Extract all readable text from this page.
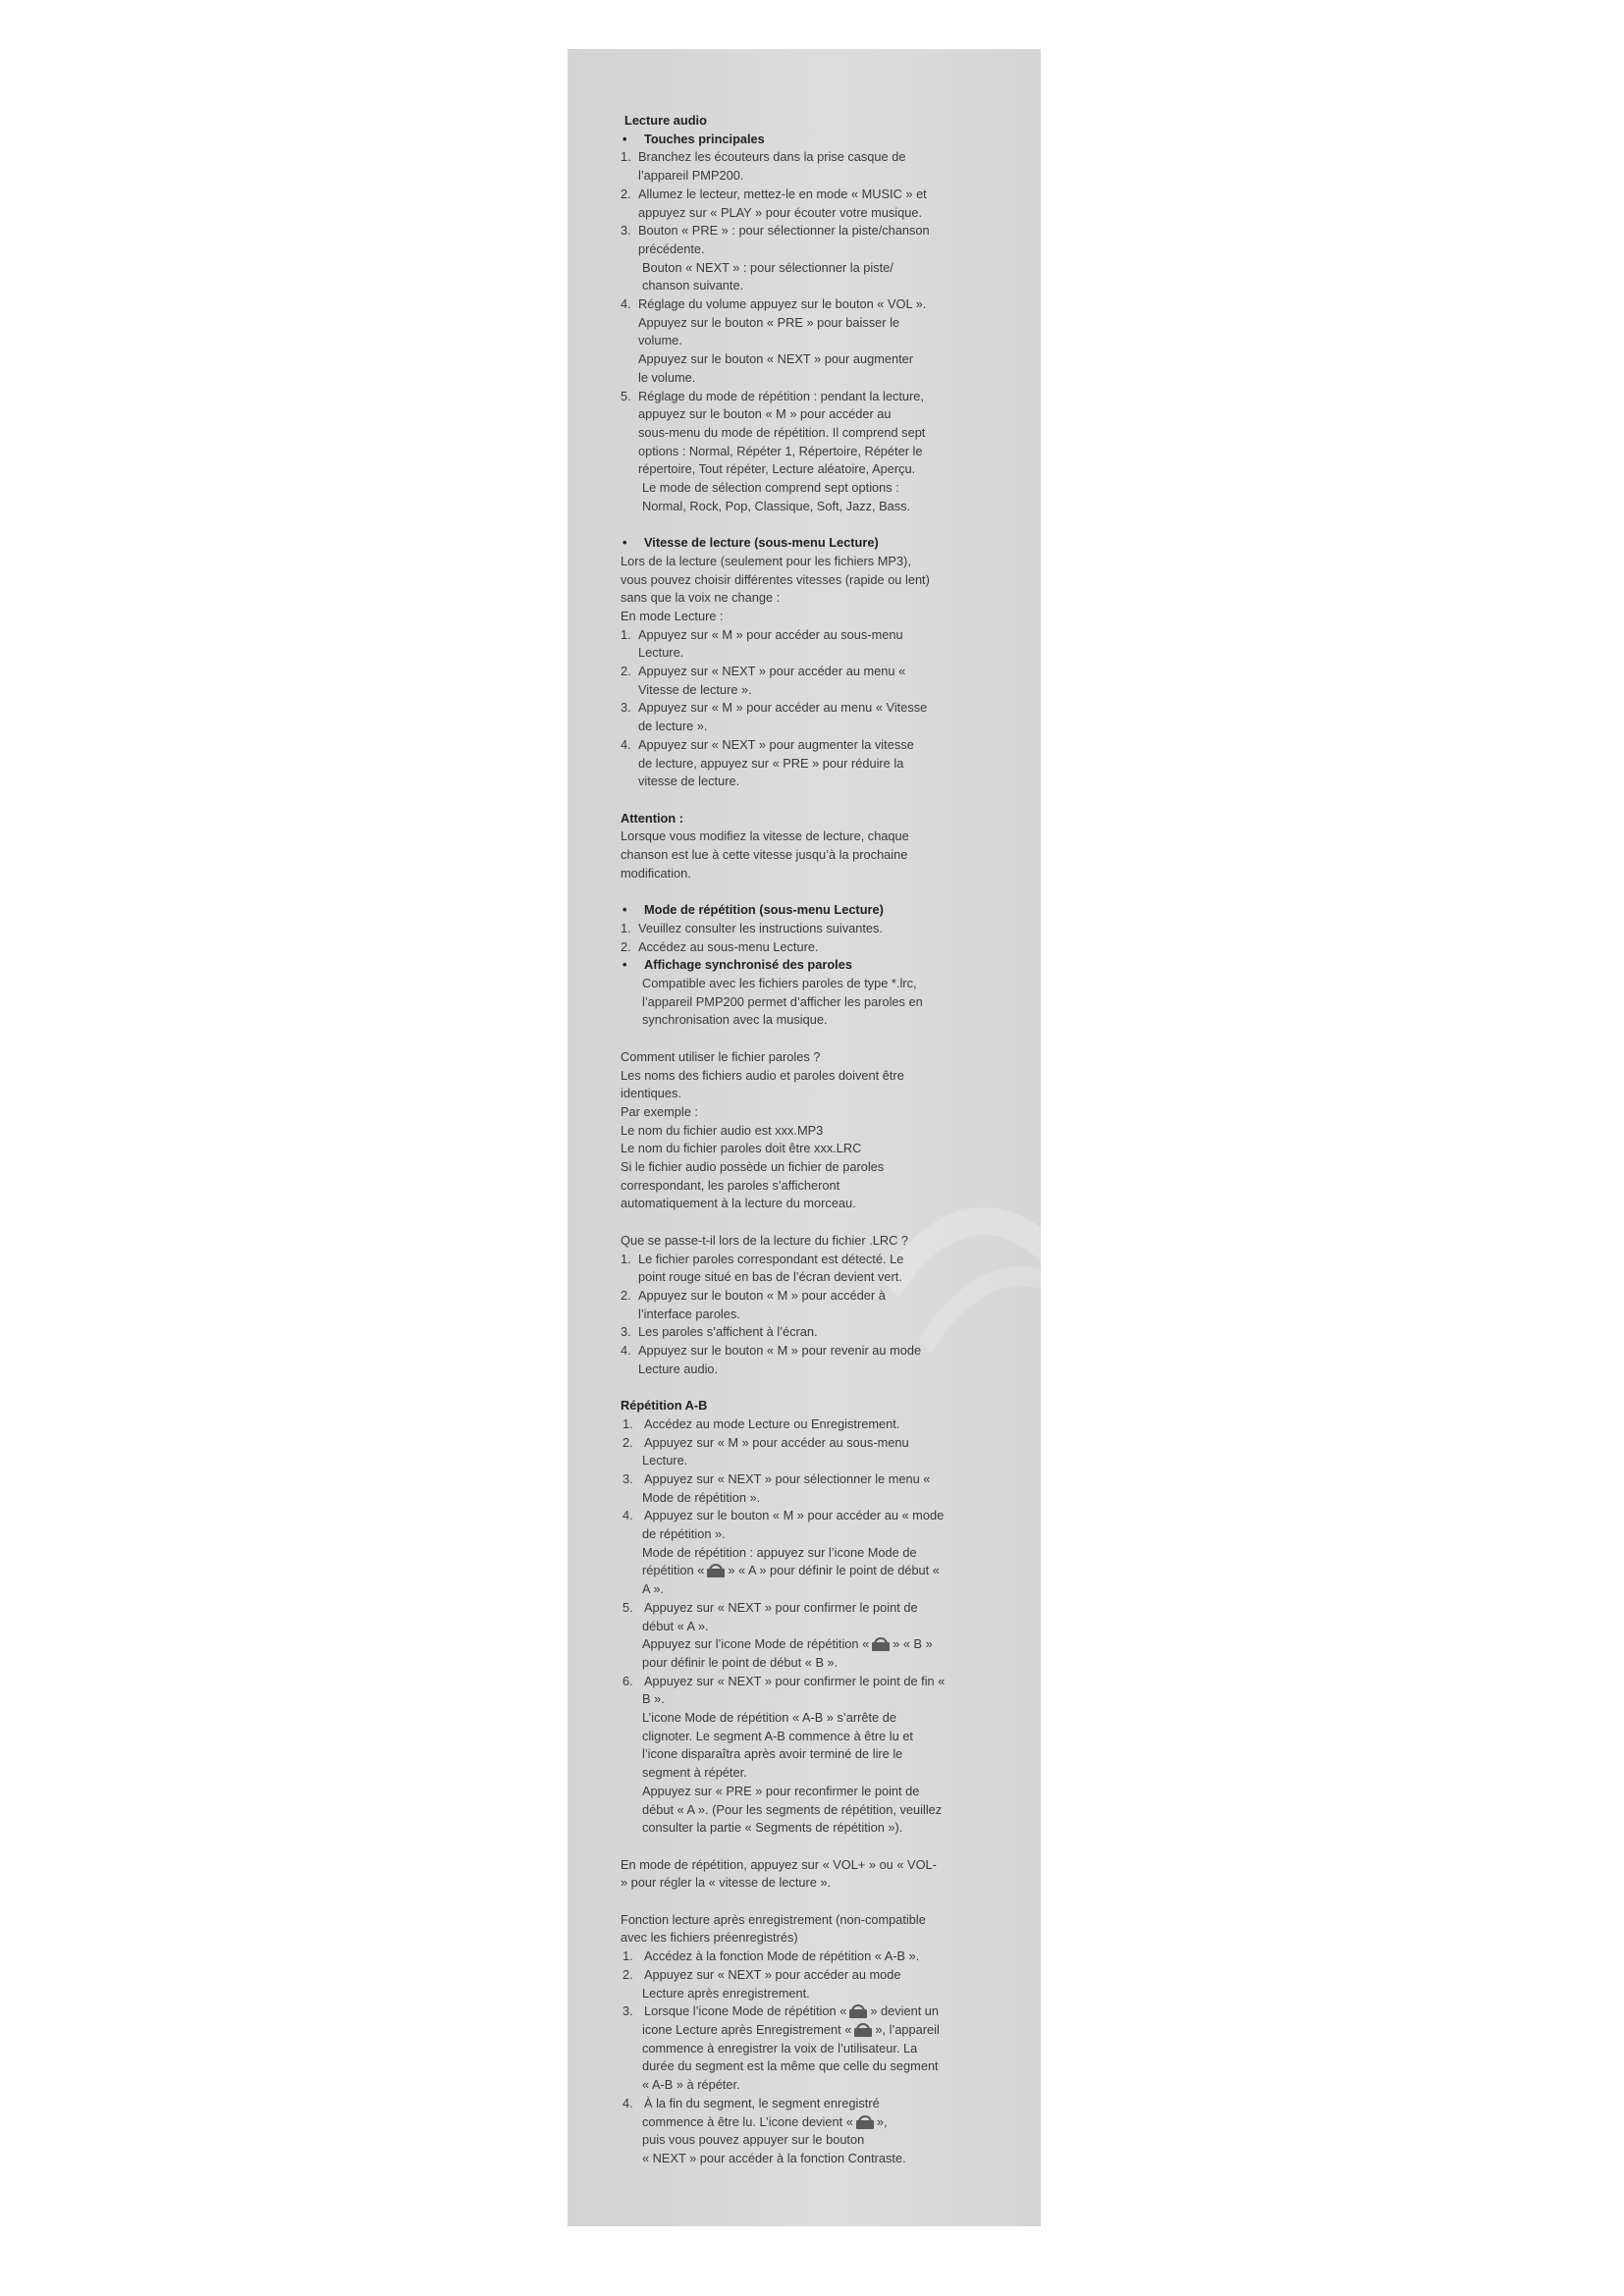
Lecture audio

• Touches principales

1. Branchez les écouteurs dans la prise casque de

l’appareil PMP200.

2. Allumez le lecteur, mettez-le en mode « MUSIC » et

appuyez sur « PLAY » pour écouter votre musique.

3. Bouton « PRE » : pour sélectionner la piste/chanson

précédente.

Bouton « NEXT » : pour sélectionner la piste/

chanson suivante.

4. Réglage du volume appuyez sur le bouton « VOL ».

Appuyez sur le bouton « PRE » pour baisser le

volume.

Appuyez sur le bouton « NEXT » pour augmenter

le volume.

5. Réglage du mode de répétition : pendant la lecture,

appuyez sur le bouton « M » pour accéder au

sous-menu du mode de répétition. Il comprend sept

options : Normal, Répéter 1, Répertoire, Répéter le

répertoire, Tout répéter, Lecture aléatoire, Aperçu.

Le mode de sélection comprend sept options :

Normal, Rock, Pop, Classique, Soft, Jazz, Bass.

• Vitesse de lecture (sous-menu Lecture)

Lors de la lecture (seulement pour les fichiers MP3),

vous pouvez choisir différentes vitesses (rapide ou lent)

sans que la voix ne change :

En mode Lecture :

1. Appuyez sur « M » pour accéder au sous-menu

Lecture.

2. Appuyez sur « NEXT » pour accéder au menu «

Vitesse de lecture ».

3. Appuyez sur « M » pour accéder au menu « Vitesse

de lecture ».

4. Appuyez sur « NEXT » pour augmenter la vitesse

de lecture, appuyez sur « PRE » pour réduire la

vitesse de lecture.

Attention :

Lorsque vous modifiez la vitesse de lecture, chaque

chanson est lue à cette vitesse jusqu’à la prochaine

modification.

• Mode de répétition (sous-menu Lecture)

1. Veuillez consulter les instructions suivantes.

2. Accédez au sous-menu Lecture.

• Affichage synchronisé des paroles

Compatible avec les fichiers paroles de type *.lrc,

l’appareil PMP200 permet d’afficher les paroles en

synchronisation avec la musique.

Comment utiliser le fichier paroles ?

Les noms des fichiers audio et paroles doivent être

identiques.

Par exemple :

Le nom du fichier audio est xxx.MP3

Le nom du fichier paroles doit être xxx.LRC

Si le fichier audio possède un fichier de paroles

correspondant, les paroles s’afficheront

automatiquement à la lecture du morceau.

Que se passe-t-il lors de la lecture du fichier .LRC ?

1. Le fichier paroles correspondant est détecté. Le

point rouge situé en bas de l’écran devient vert.

2. Appuyez sur le bouton « M » pour accéder à

l’interface paroles.

3. Les paroles s’affichent à l’écran.

4. Appuyez sur le bouton « M » pour revenir au mode

Lecture audio.

Répétition A-B

1. Accédez au mode Lecture ou Enregistrement.

2. Appuyez sur « M » pour accéder au sous-menu

Lecture.

3. Appuyez sur « NEXT » pour sélectionner le menu «

Mode de répétition ».

4. Appuyez sur le bouton « M » pour accéder au « mode

de répétition ».

Mode de répétition : appuyez sur l’icone Mode de

répétition « » « A » pour définir le point de début «

A ».

5. Appuyez sur « NEXT » pour confirmer le point de

début « A ».

Appuyez sur l’icone Mode de répétition « » « B »

pour définir le point de début « B ».

6. Appuyez sur « NEXT » pour confirmer le point de fin «

B ».

L’icone Mode de répétition « A-B » s’arrête de

clignoter. Le segment A-B commence à être lu et

l’icone disparaîtra après avoir terminé de lire le

segment à répéter.

Appuyez sur « PRE » pour reconfirmer le point de

début « A ». (Pour les segments de répétition, veuillez

consulter la partie « Segments de répétition »).

En mode de répétition, appuyez sur « VOL+ » ou « VOL-

» pour régler la « vitesse de lecture ».

Fonction lecture après enregistrement (non-compatible

avec les fichiers préenregistrés)

1. Accédez à la fonction Mode de répétition « A-B ».

2. Appuyez sur « NEXT » pour accéder au mode

Lecture après enregistrement.

3. Lorsque l’icone Mode de répétition « » devient un

icone Lecture après Enregistrement « », l’appareil

commence à enregistrer la voix de l’utilisateur. La

durée du segment est la même que celle du segment

« A-B » à répéter.

4. À la fin du segment, le segment enregistré

commence à être lu. L’icone devient « »,

puis vous pouvez appuyer sur le bouton

« NEXT » pour accéder à la fonction Contraste.
